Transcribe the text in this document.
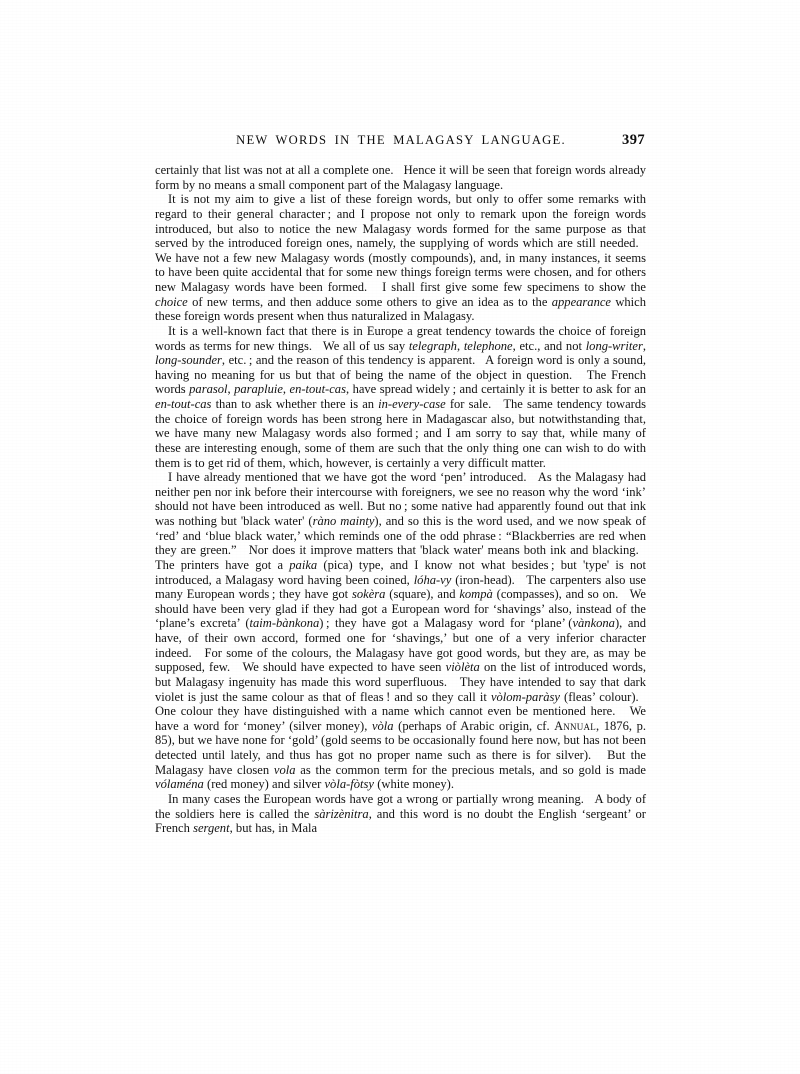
NEW WORDS IN THE MALAGASY LANGUAGE.	397

certainly that list was not at all a complete one.   Hence it will be seen that foreign words already form by no means a small component part of the Malagasy language.

It is not my aim to give a list of these foreign words, but only to offer some remarks with regard to their general character ; and I propose not only to remark upon the foreign words introduced, but also to notice the new Malagasy words formed for the same purpose as that served by the introduced foreign ones, namely, the supplying of words which are still needed.   We have not a few new Malagasy words (mostly compounds), and, in many instances, it seems to have been quite accidental that for some new things foreign terms were chosen, and for others new Malagasy words have been formed.   I shall first give some few specimens to show the choice of new terms, and then adduce some others to give an idea as to the appearance which these foreign words present when thus naturalized in Malagasy.

It is a well-known fact that there is in Europe a great tendency towards the choice of foreign words as terms for new things.   We all of us say telegraph, telephone, etc., and not long-writer, long-sounder, etc. ; and the reason of this tendency is apparent.   A foreign word is only a sound, having no meaning for us but that of being the name of the object in question.   The French words parasol, parapluie, en-tout-cas, have spread widely ; and certainly it is better to ask for an en-tout-cas than to ask whether there is an in-every-case for sale.   The same tendency towards the choice of foreign words has been strong here in Madagascar also, but notwithstanding that, we have many new Malagasy words also formed ; and I am sorry to say that, while many of these are interesting enough, some of them are such that the only thing one can wish to do with them is to get rid of them, which, however, is certainly a very difficult matter.

I have already mentioned that we have got the word ‘pen’ introduced.   As the Malagasy had neither pen nor ink before their intercourse with foreigners, we see no reason why the word ‘ink’ should not have been introduced as well. But no ; some native had apparently found out that ink was nothing but 'black water' (ràno mainty), and so this is the word used, and we now speak of ‘red’ and ‘blue black water,’ which reminds one of the odd phrase : “Blackberries are red when they are green.”   Nor does it improve matters that 'black water' means both ink and blacking.   The printers have got a paika (pica) type, and I know not what besides ; but 'type' is not introduced, a Malagasy word having been coined, lóha-vy (iron-head).   The carpenters also use many European words ; they have got sokèra (square), and kompà (compasses), and so on.   We should have been very glad if they had got a European word for ‘shavings’ also, instead of the ‘plane’s excreta’ (taim-bànkona) ; they have got a Malagasy word for ‘plane’ (vànkona), and have, of their own accord, formed one for ‘shavings,’ but one of a very inferior character indeed.   For some of the colours, the Malagasy have got good words, but they are, as may be supposed, few.   We should have expected to have seen viòlèta on the list of introduced words, but Malagasy ingenuity has made this word superfluous.   They have intended to say that dark violet is just the same colour as that of fleas ! and so they call it vòlom-paràsy (fleas’ colour).   One colour they have distinguished with a name which cannot even be mentioned here.   We have a word for ‘money’ (silver money), vòla (perhaps of Arabic origin, cf. Annual, 1876, p. 85), but we have none for ‘gold’ (gold seems to be occasionally found here now, but has not been detected until lately, and thus has got no proper name such as there is for silver).   But the Malagasy have closen vola as the common term for the precious metals, and so gold is made vólaména (red money) and silver vòla-fòtsy (white money).

In many cases the European words have got a wrong or partially wrong meaning.   A body of the soldiers here is called the sàrizènitra, and this word is no doubt the English ‘sergeant’ or French sergent, but has, in Mala
